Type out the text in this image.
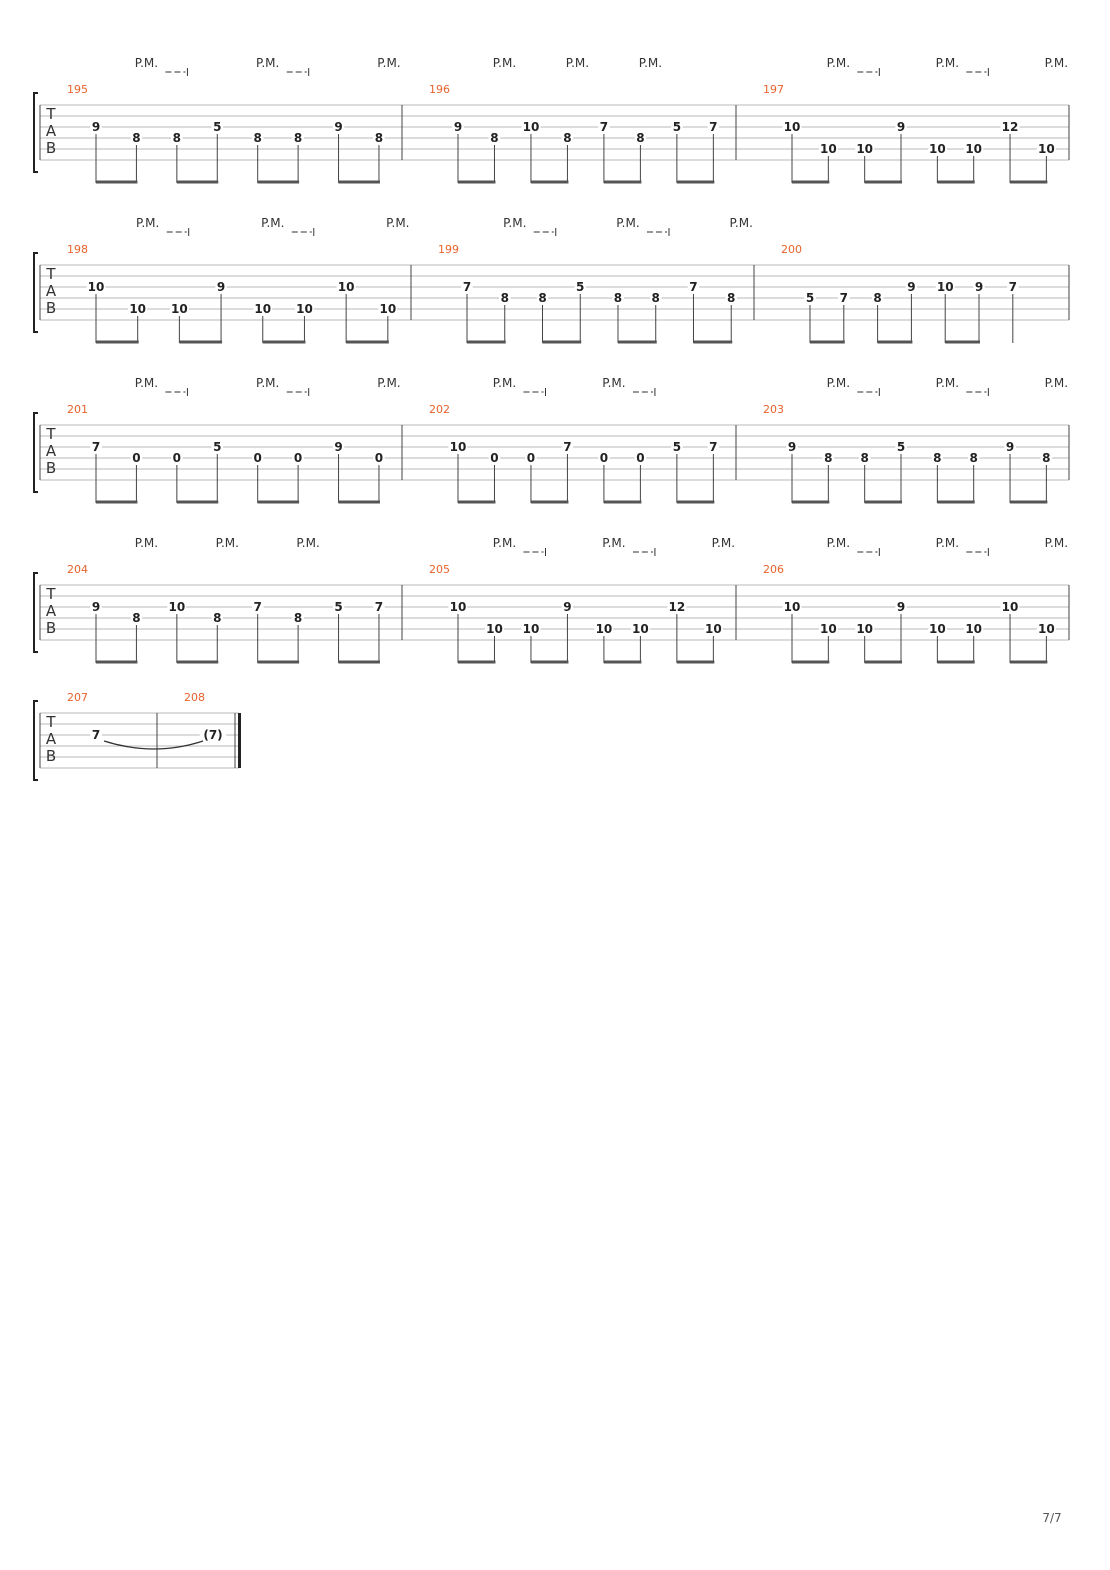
T
A
B
195
9
8	8
5
8	8
9
8
196
9
8
10
8
7
8
5 7
197
10
10 10
9
10 10
12
10
P.M.	P.M.	P.M.	P.M.	P.M.	P.M.	P.M.	P.M.	P.M.
T
A
B
198
10
10 10
9
10 10
10
10
199
7
8 8
5
8 8
7
8
200
5 7 8
9 10 9 7
P.M.	P.M.	P.M.	P.M.	P.M.	P.M.
T
A
B
201
7
0	0
5
0	0
9
0
202
10
0 0
7
0 0
5 7
203
9
8 8
5
8 8
9
8
P.M.	P.M.	P.M.	P.M.	P.M.	P.M.	P.M.	P.M.
T
A
B
204
9
8
10
8
7
8
5	7
205
10
10 10
9
10 10
12
10
206
10
10 10
9
10 10
10
10
P.M.	P.M.	P.M.	P.M.	P.M.	P.M.	P.M.	P.M.	P.M.
T
A
B
207
7
208
(7)
7/7
